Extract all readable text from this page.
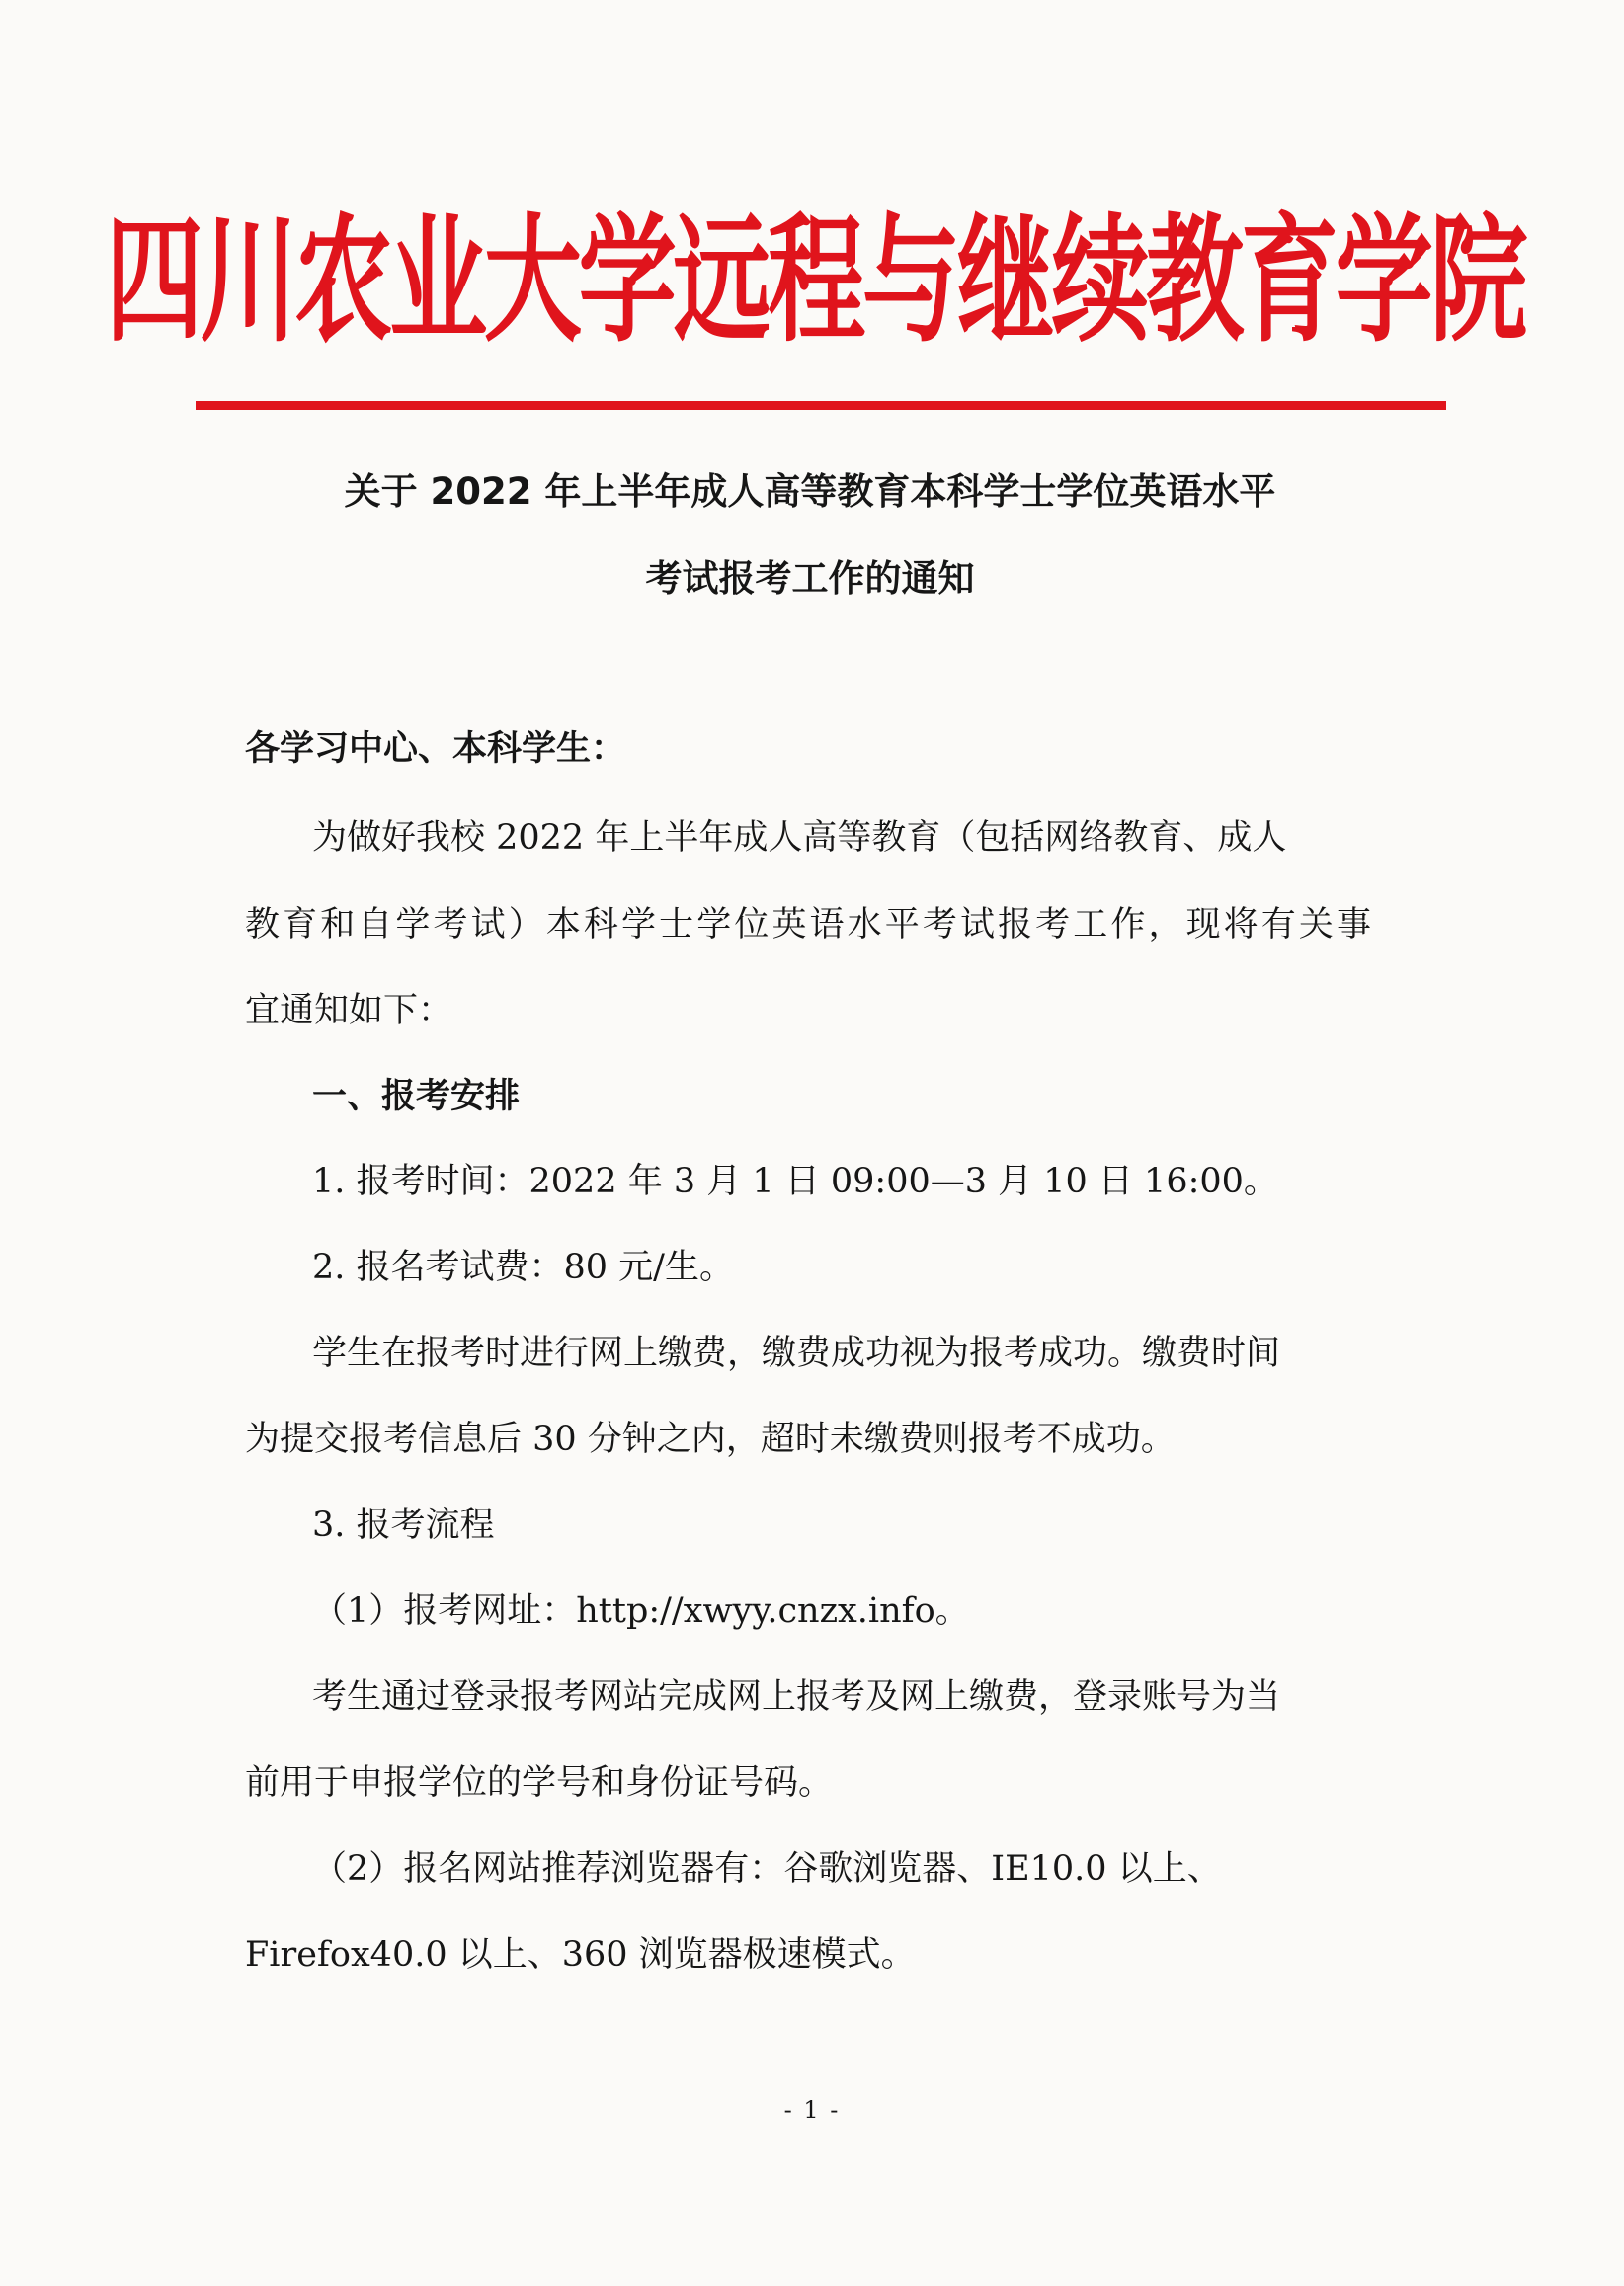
四川农业大学远程与继续教育学院
关于 2022 年上半年成人高等教育本科学士学位英语水平
考试报考工作的通知
各学习中心、本科学生：
为做好我校 2022 年上半年成人高等教育（包括网络教育、成人
教育和自学考试）本科学士学位英语水平考试报考工作，现将有关事
宜通知如下：
一、报考安排
1. 报考时间：2022 年 3 月 1 日 09:00—3 月 10 日 16:00。
2. 报名考试费：80 元/生。
学生在报考时进行网上缴费，缴费成功视为报考成功。缴费时间
为提交报考信息后 30 分钟之内，超时未缴费则报考不成功。
3. 报考流程
（1）报考网址：http://xwyy.cnzx.info。
考生通过登录报考网站完成网上报考及网上缴费，登录账号为当
前用于申报学位的学号和身份证号码。
（2）报名网站推荐浏览器有：谷歌浏览器、IE10.0 以上、
Firefox40.0 以上、360 浏览器极速模式。
- 1 -
